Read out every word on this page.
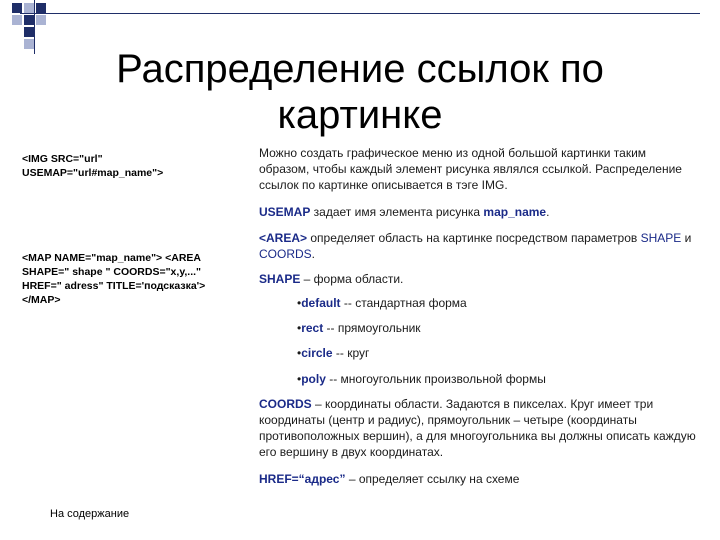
Распределение ссылок по картинке
<IMG SRC="url"
USEMAP="url#map_name">
<MAP NAME="map_name"> <AREA
SHAPE=" shape " COORDS="x,y,..."
HREF=" adress" TITLE='подсказка'>
</MAP>
Можно создать графическое меню из одной большой картинки таким образом, чтобы каждый элемент рисунка являлся ссылкой. Распределение ссылок по картинке описывается в тэге IMG.
USEMAP задает имя элемента рисунка map_name.
<AREA> определяет область на картинке посредством параметров SHAPE и COORDS.
SHAPE – форма области.
•default -- стандартная форма
•rect -- прямоугольник
•circle -- круг
•poly -- многоугольник произвольной формы
COORDS – координаты области. Задаются в пикселах. Круг имеет три координаты (центр и радиус), прямоугольник – четыре (координаты противоположных вершин), а для многоугольника вы должны описать каждую его вершину в двух координатах.
HREF=“адрес” – определяет ссылку на схеме
На содержание
